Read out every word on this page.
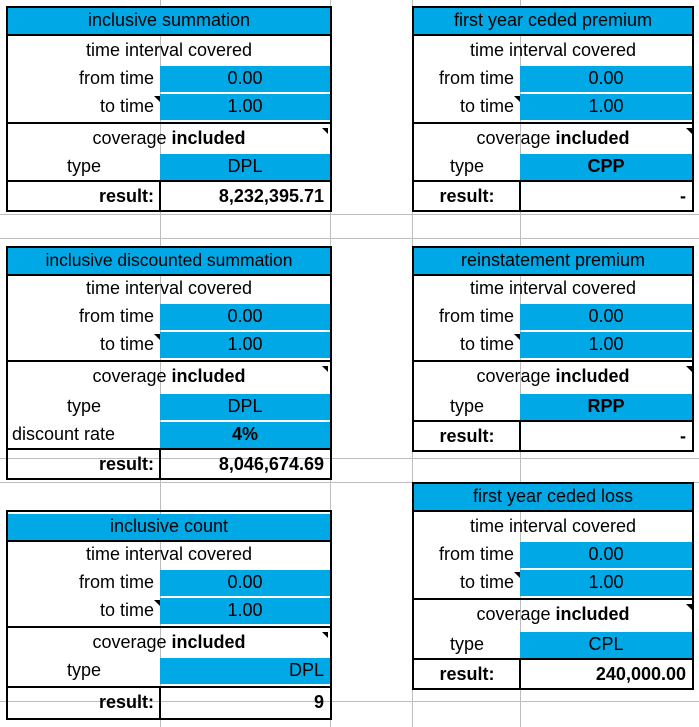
inclusive summation
time interval covered
from time	0.00
to time	1.00
coverage included
type	DPL
result:	8,232,395.71
inclusive discounted summation
time interval covered
from time	0.00
to time	1.00
coverage included
type	DPL
discount rate	4%
result:	8,046,674.69
inclusive count
time interval covered
from time	0.00
to time	1.00
coverage included
type	DPL
result:	9
first year ceded premium
time interval covered
from time	0.00
to time	1.00
coverage included
type	CPP
result:	-
reinstatement premium
time interval covered
from time	0.00
to time	1.00
coverage included
type	RPP
result:	-
first year ceded loss
time interval covered
from time	0.00
to time	1.00
coverage included
type	CPL
result:	240,000.00
